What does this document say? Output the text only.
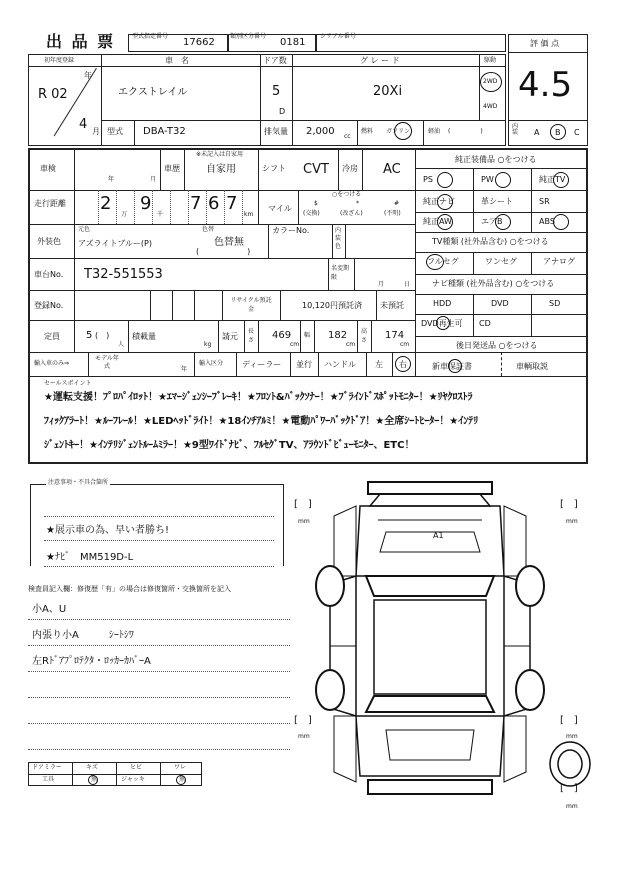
出 品 票	型式指定番号
17662
類別区分番号
0181
シリアル番号
評 価 点
4.5
内装 A B C
初年度登録
年
R 02
4 月
車　名
エクストレイル
ドア数
5
D
グ レ ー ド
20Xi
駆動
2WD
4WD
型式 DBA-T32	排気量 2,000 cc
燃料 ガソリン	軽油 (　　　　　)
車検
年	月
車歴
※未記入は自家用
自家用	シフト CVT 冷房 AC
走行距離 2 9 7 6 7
万	千	km
マイル
○をつける
$
(交換)
*
(改ざん)
#
(不明)
外装色
元色
アズライトブルー(P)
色替
色替無
(　　　　　　)
カラーNo.	内装色
車台No. T32-551553	名変期限
月	日
登録No.
リサイクル預託金	10,120円預託済 未預託
定員	5 (　)
人
積載量
kg
請元
長さ 469
cm
幅 182
cm
高さ 174
cm
輸入車のみ⇒
モデル年式	年
輸入区分 ディーラー 並行 ハンドル 左 右
純正装備品 ○をつける
PS	PW	純正TV
純正ナビ	革シート	SR
純正AW	エアB	ABS
TV種類 (社外品含む) ○をつける
フルセグ	ワンセグ	アナログ
ナビ種類 (社外品含む) ○をつける
HDD	DVD	SD
DVD再生可 CD
後日発送品 ○をつける
新車保証書	車輌取説
セールスポイント
★運転支援！ﾌﾟﾛﾊﾟｲﾛｯﾄ！★ｴﾏｰｼﾞｪﾝｼｰﾌﾞﾚｰｷ！★ﾌﾛﾝﾄ&ﾊﾞｯｸｿﾅｰ！★ﾌﾞﾗｲﾝﾄﾞｽﾎﾟｯﾄﾓﾆﾀｰ！★ﾘﾔｸﾛｽﾄﾗ
ﾌｨｯｸｱﾗｰﾄ！★ﾙｰﾌﾚｰﾙ！★LEDﾍｯﾄﾞﾗｲﾄ！★18ｲﾝﾁｱﾙﾐ！★電動ﾊﾟﾜｰﾊﾞｯｸﾄﾞｱ！★全席ｼｰﾄﾋｰﾀｰ！★ｲﾝﾃﾘ
ｼﾞｪﾝﾄｷｰ！★ｲﾝﾃﾘｼﾞｪﾝﾄﾙｰﾑﾐﾗｰ！★9型ﾜｲﾄﾞﾅﾋﾞ、ﾌﾙｾｸﾞTV、ｱﾗｳﾝﾄﾞﾋﾞｭｰﾓﾆﾀｰ、ETC！
注意事項・不具合箇所
★展示車の為、早い者勝ち!
★ﾅﾋﾞ　MM519D-L
検査員記入欄：修復歴「有」の場合は修復箇所・交換箇所を記入
小A、U
内張り小A　　　ｼｰﾄｼﾜ
左Rﾄﾞｱﾌﾟﾛﾃｸﾀ・ﾛｯｶｰｶﾊﾞｰA
ドアミラー	キズ	ヒビ	ワレ
工具	無	ジャッキ	無
A1
[　]
mm
[　]
mm
[　]
mm
[　]
mm
[　]
mm
